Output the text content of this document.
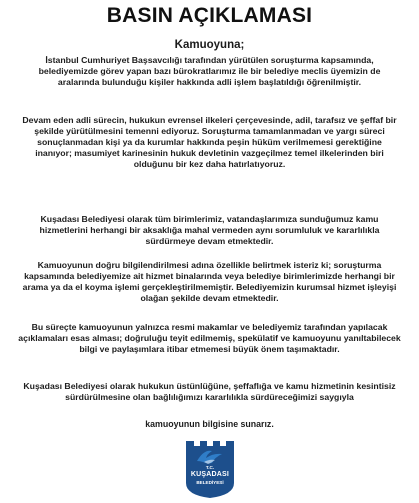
BASIN AÇIKLAMASI
Kamuoyuna;
İstanbul Cumhuriyet Başsavcılığı tarafından yürütülen soruşturma kapsamında, belediyemizde görev yapan bazı bürokratlarımız ile bir belediye meclis üyemizin de aralarında bulunduğu kişiler hakkında adli işlem başlatıldığı öğrenilmiştir.
Devam eden adli sürecin, hukukun evrensel ilkeleri çerçevesinde, adil, tarafsız ve şeffaf bir şekilde yürütülmesini temenni ediyoruz. Soruşturma tamamlanmadan ve yargı süreci sonuçlanmadan kişi ya da kurumlar hakkında peşin hüküm verilmemesi gerektiğine inanıyor; masumiyet karinesinin hukuk devletinin vazgeçilmez temel ilkelerinden biri olduğunu bir kez daha hatırlatıyoruz.
Kuşadası Belediyesi olarak tüm birimlerimiz, vatandaşlarımıza sunduğumuz kamu hizmetlerini herhangi bir aksaklığa mahal vermeden aynı sorumluluk ve kararlılıkla sürdürmeye devam etmektedir.
Kamuoyunun doğru bilgilendirilmesi adına özellikle belirtmek isteriz ki; soruşturma kapsamında belediyemize ait hizmet binalarında veya belediye birimlerimizde herhangi bir arama ya da el koyma işlemi gerçekleştirilmemiştir. Belediyemizin kurumsal hizmet işleyişi olağan şekilde devam etmektedir.
Bu süreçte kamuoyunun yalnızca resmi makamlar ve belediyemiz tarafından yapılacak açıklamaları esas alması; doğruluğu teyit edilmemiş, spekülatif ve kamuoyunu yanıltabilecek bilgi ve paylaşımlara itibar etmemesi büyük önem taşımaktadır.
Kuşadası Belediyesi olarak hukukun üstünlüğüne, şeffaflığa ve kamu hizmetinin kesintisiz sürdürülmesine olan bağlılığımızı kararlılıkla sürdüreceğimizi saygıyla
kamuoyunun bilgisine sunarız.
T.C.
KUŞADASI
BELEDİYESİ
